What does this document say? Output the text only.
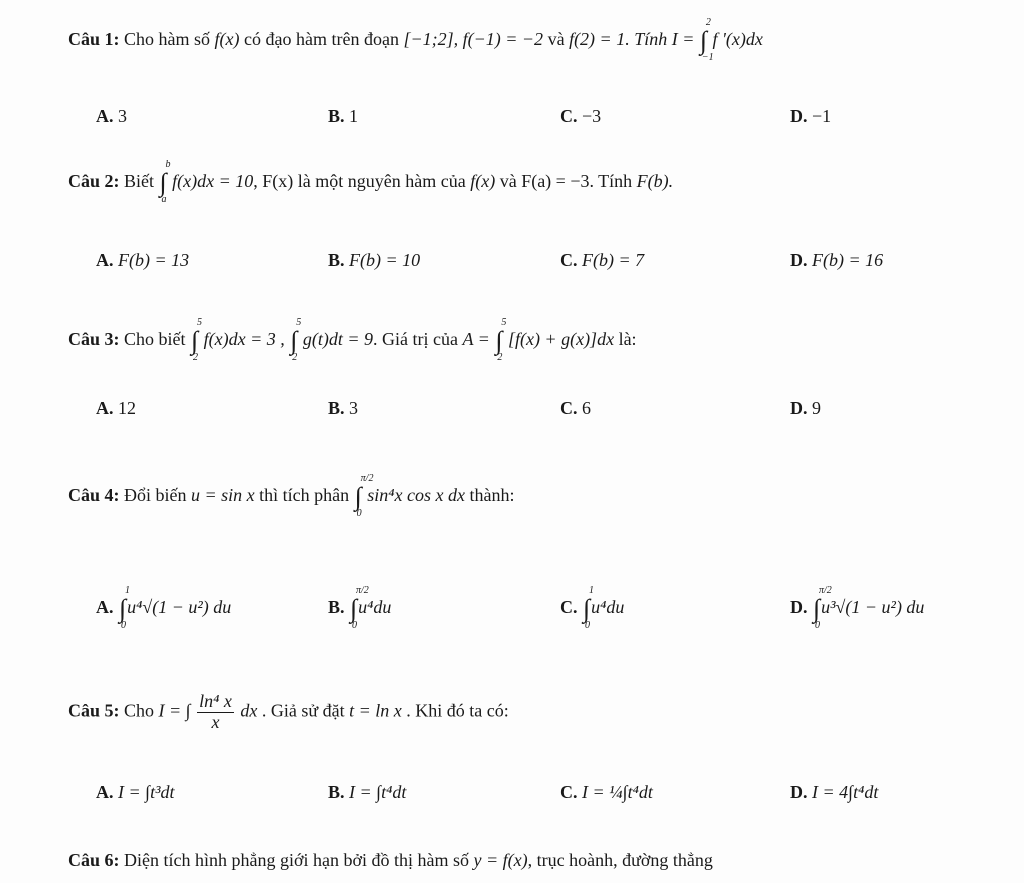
Câu 1: Cho hàm số f(x) có đạo hàm trên đoạn [−1;2], f(−1) = −2 và f(2) = 1. Tính I = ∫
2
−1
f '(x)dx
A. 3	B. 1	C. −3	D. −1
Câu 2: Biết ∫
b
a
f(x)dx = 10, F(x) là một nguyên hàm của f(x) và F(a) = −3. Tính F(b).
A. F(b) = 13	B. F(b) = 10	C. F(b) = 7	D. F(b) = 16
Câu 3: Cho biết ∫
5
2
f(x)dx = 3 , ∫
5
2
g(t)dt = 9. Giá trị của A = ∫
5
2
[f(x) + g(x)]dx là:
A. 12	B. 3	C. 6	D. 9
Câu 4: Đổi biến u = sin x thì tích phân ∫
π/2
0
sin⁴x cos x dx thành:
A. ∫
1
0
u⁴√(1 − u²) du	B. ∫
π/2
0
u⁴du	C. ∫
1
0
u⁴du	D. ∫
π/2
0
u³√(1 − u²) du
Câu 5: Cho I = ∫ $\frac{\text{ln⁴ x}}{x}$ dx . Giả sử đặt t = ln x . Khi đó ta có:
A. I = ∫t³dt	B. I = ∫t⁴dt	C. I = ¼∫t⁴dt	D. I = 4∫t⁴dt
Câu 6: Diện tích hình phẳng giới hạn bởi đồ thị hàm số y = f(x), trục hoành, đường thẳng
